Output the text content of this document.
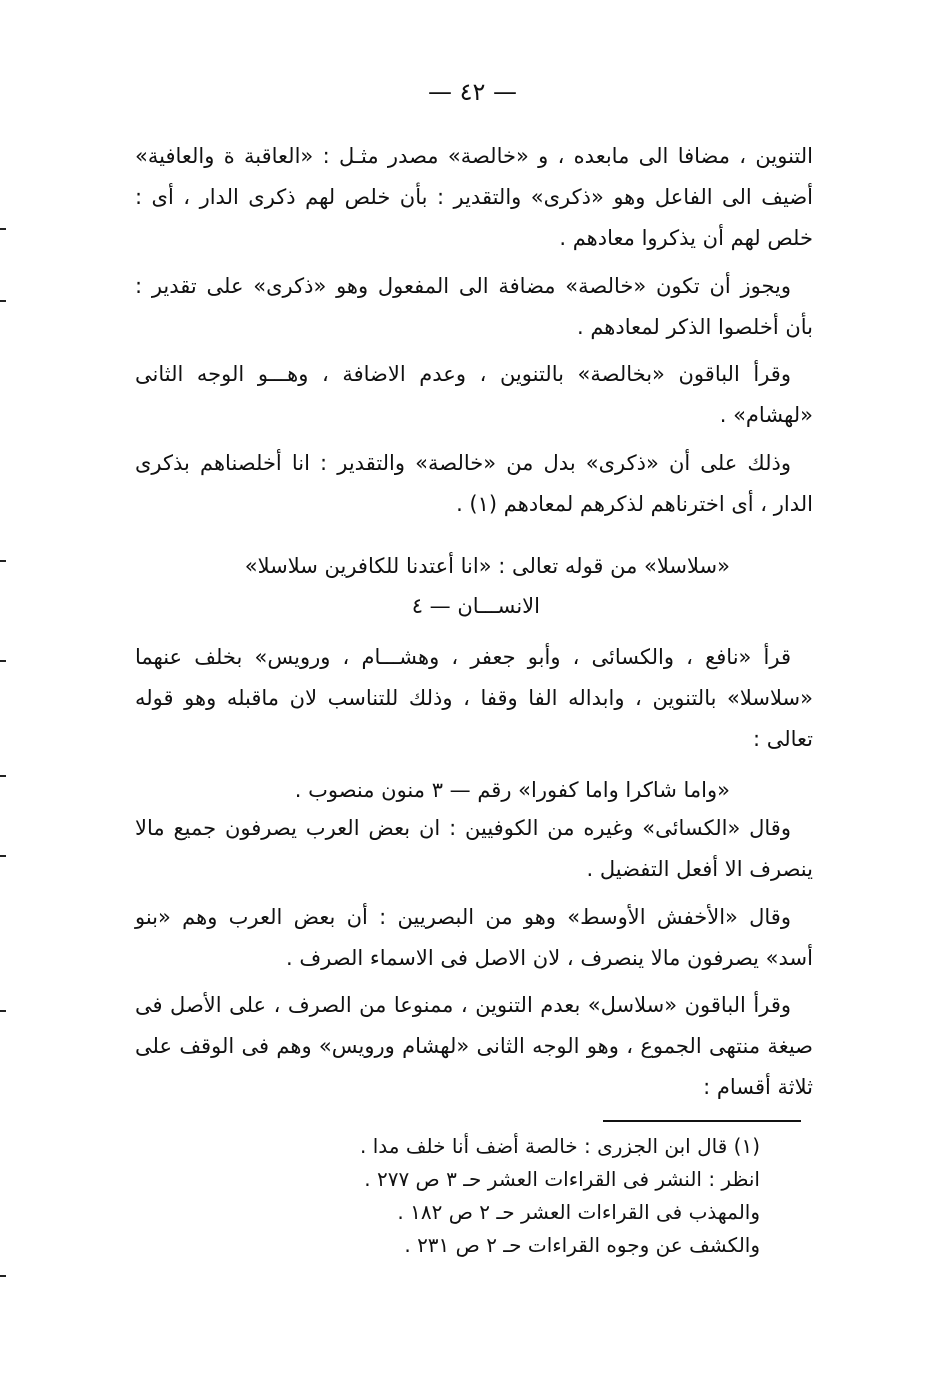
— ٤٢ —
التنوين ، مضافا الى مابعده ، و «خالصة» مصدر مثـل : «العاقبة ة والعافية» أضيف الى الفاعل وهو «ذكرى» والتقدير : بأن خلص لهم ذكرى الدار ، أى : خلص لهم أن يذكروا معادهم .
ويجوز أن تكون «خالصة» مضافة الى المفعول وهو «ذكرى» على تقدير : بأن أخلصوا الذكر لمعادهم .
وقرأ الباقون «بخالصة» بالتنوين ، وعدم الاضافة ، وهـــو الوجه الثانى «لهشام» .
وذلك على أن «ذكرى» بدل من «خالصة» والتقدير : انا أخلصناهم بذكرى الدار ، أى اخترناهم لذكرهم لمعادهم (١) .
«سلاسلا» من قوله تعالى : «انا أعتدنا للكافرين سلاسلا»
الانســـان — ٤
قرأ «نافع ، والكسائى ، وأبو جعفر ، وهشـــام ، ورويس» بخلف عنهما «سلاسلا» بالتنوين ، وابداله الفا وقفا ، وذلك للتناسب لان ماقبله وهو قوله تعالى :
«واما شاكرا واما كفورا» رقم — ٣ منون منصوب .
وقال «الكسائى» وغيره من الكوفيين : ان بعض العرب يصرفون جميع مالا ينصرف الا أفعل التفضيل .
وقال «الأخفش الأوسط» وهو من البصريين : أن بعض العرب وهم «بنو أسد» يصرفون مالا ينصرف ، لان الاصل فى الاسماء الصرف .
وقرأ الباقون «سلاسل» بعدم التنوين ، ممنوعا من الصرف ، على الأصل فى صيغة منتهى الجموع ، وهو الوجه الثانى «لهشام ورويس» وهم فى الوقف على ثلاثة أقسام :
(١) قال ابن الجزرى : خالصة أضف أنا خلف مدا .
انظر : النشر فى القراءات العشر حـ ٣ ص ٢٧٧ .
والمهذب فى القراءات العشر حـ ٢ ص ١٨٢ .
والكشف عن وجوه القراءات حـ ٢ ص ٢٣١ .
